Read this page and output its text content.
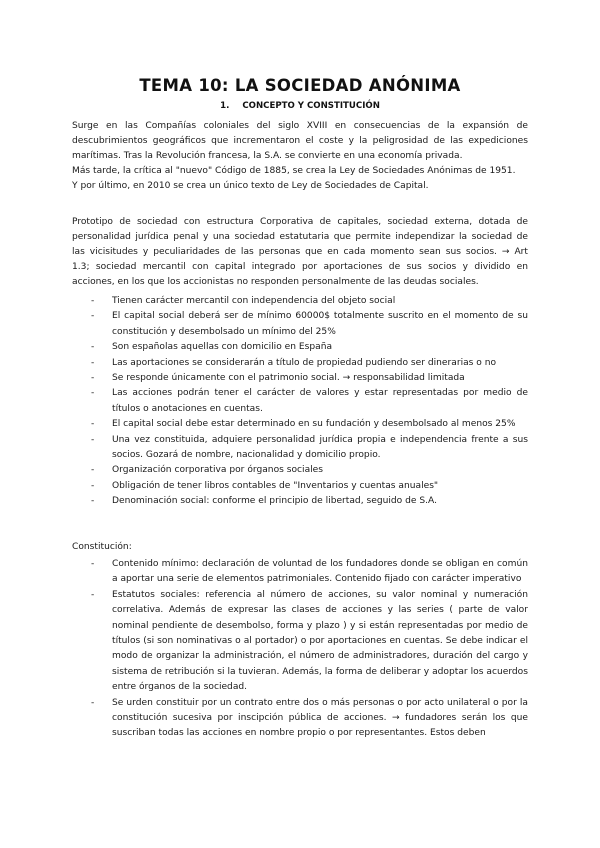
TEMA 10: LA SOCIEDAD ANÓNIMA
1. CONCEPTO Y CONSTITUCIÓN
Surge en las Compañías coloniales del siglo XVIII en consecuencias de la expansión de
descubrimientos geográficos que incrementaron el coste y la peligrosidad de las expediciones
marítimas. Tras la Revolución francesa, la S.A. se convierte en una economía privada.
Más tarde, la crítica al "nuevo" Código de 1885, se crea la Ley de Sociedades Anónimas de 1951.
Y por último, en 2010 se crea un único texto de Ley de Sociedades de Capital.
Prototipo de sociedad con estructura Corporativa de capitales, sociedad externa, dotada de
personalidad jurídica penal y una sociedad estatutaria que permite independizar la sociedad de
las vicisitudes y peculiaridades de las personas que en cada momento sean sus socios. → Art
1.3; sociedad mercantil con capital integrado por aportaciones de sus socios y dividido en
acciones, en los que los accionistas no responden personalmente de las deudas sociales.
- Tienen carácter mercantil con independencia del objeto social
- El capital social deberá ser de mínimo 60000$ totalmente suscrito en el momento de su constitución y desembolsado un mínimo del 25%
- Son españolas aquellas con domicilio en España
- Las aportaciones se considerarán a título de propiedad pudiendo ser dinerarias o no
- Se responde únicamente con el patrimonio social. → responsabilidad limitada
- Las acciones podrán tener el carácter de valores y estar representadas por medio de títulos o anotaciones en cuentas.
- El capital social debe estar determinado en su fundación y desembolsado al menos 25%
- Una vez constituida, adquiere personalidad jurídica propia e independencia frente a sus socios. Gozará de nombre, nacionalidad y domicilio propio.
- Organización corporativa por órganos sociales
- Obligación de tener libros contables de "Inventarios y cuentas anuales"
- Denominación social: conforme el principio de libertad, seguido de S.A.
Constitución:
- Contenido mínimo: declaración de voluntad de los fundadores donde se obligan en común a aportar una serie de elementos patrimoniales. Contenido fijado con carácter imperativo
- Estatutos sociales: referencia al número de acciones, su valor nominal y numeración correlativa. Además de expresar las clases de acciones y las series ( parte de valor nominal pendiente de desembolso, forma y plazo ) y si están representadas por medio de títulos (si son nominativas o al portador) o por aportaciones en cuentas. Se debe indicar el modo de organizar la administración, el número de administradores, duración del cargo y sistema de retribución si la tuvieran. Además, la forma de deliberar y adoptar los acuerdos entre órganos de la sociedad.
- Se urden constituir por un contrato entre dos o más personas o por acto unilateral o por la constitución sucesiva por inscipción pública de acciones. → fundadores serán los que suscriban todas las acciones en nombre propio o por representantes. Estos deben
